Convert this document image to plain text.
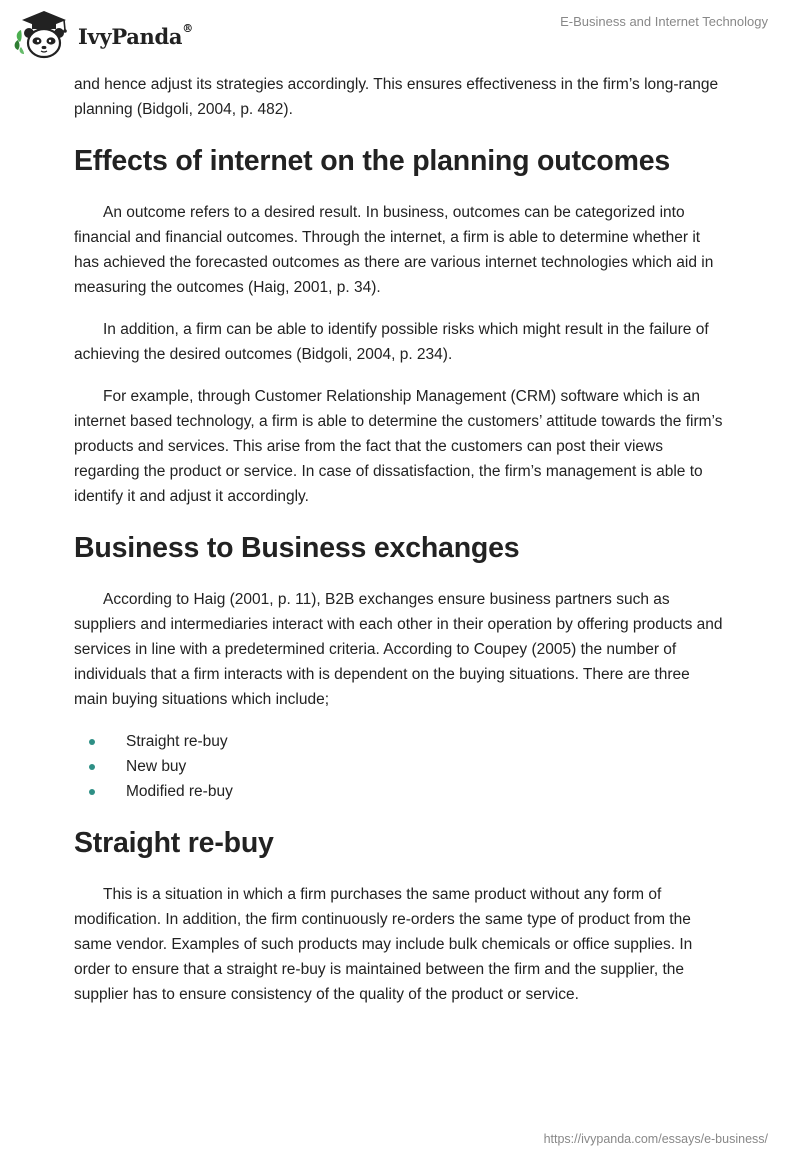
IvyPanda®	E-Business and Internet Technology

and hence adjust its strategies accordingly. This ensures effectiveness in the firm’s long-range planning (Bidgoli, 2004, p. 482).

Effects of internet on the planning outcomes

An outcome refers to a desired result. In business, outcomes can be categorized into financial and financial outcomes. Through the internet, a firm is able to determine whether it has achieved the forecasted outcomes as there are various internet technologies which aid in measuring the outcomes (Haig, 2001, p. 34).

In addition, a firm can be able to identify possible risks which might result in the failure of achieving the desired outcomes (Bidgoli, 2004, p. 234).

For example, through Customer Relationship Management (CRM) software which is an internet based technology, a firm is able to determine the customers’ attitude towards the firm’s products and services. This arise from the fact that the customers can post their views regarding the product or service. In case of dissatisfaction, the firm’s management is able to identify it and adjust it accordingly.

Business to Business exchanges

According to Haig (2001, p. 11), B2B exchanges ensure business partners such as suppliers and intermediaries interact with each other in their operation by offering products and services in line with a predetermined criteria. According to Coupey (2005) the number of individuals that a firm interacts with is dependent on the buying situations. There are three main buying situations which include;

Straight re-buy
New buy
Modified re-buy
Straight re-buy

This is a situation in which a firm purchases the same product without any form of modification. In addition, the firm continuously re-orders the same type of product from the same vendor. Examples of such products may include bulk chemicals or office supplies. In order to ensure that a straight re-buy is maintained between the firm and the supplier, the supplier has to ensure consistency of the quality of the product or service.

https://ivypanda.com/essays/e-business/
